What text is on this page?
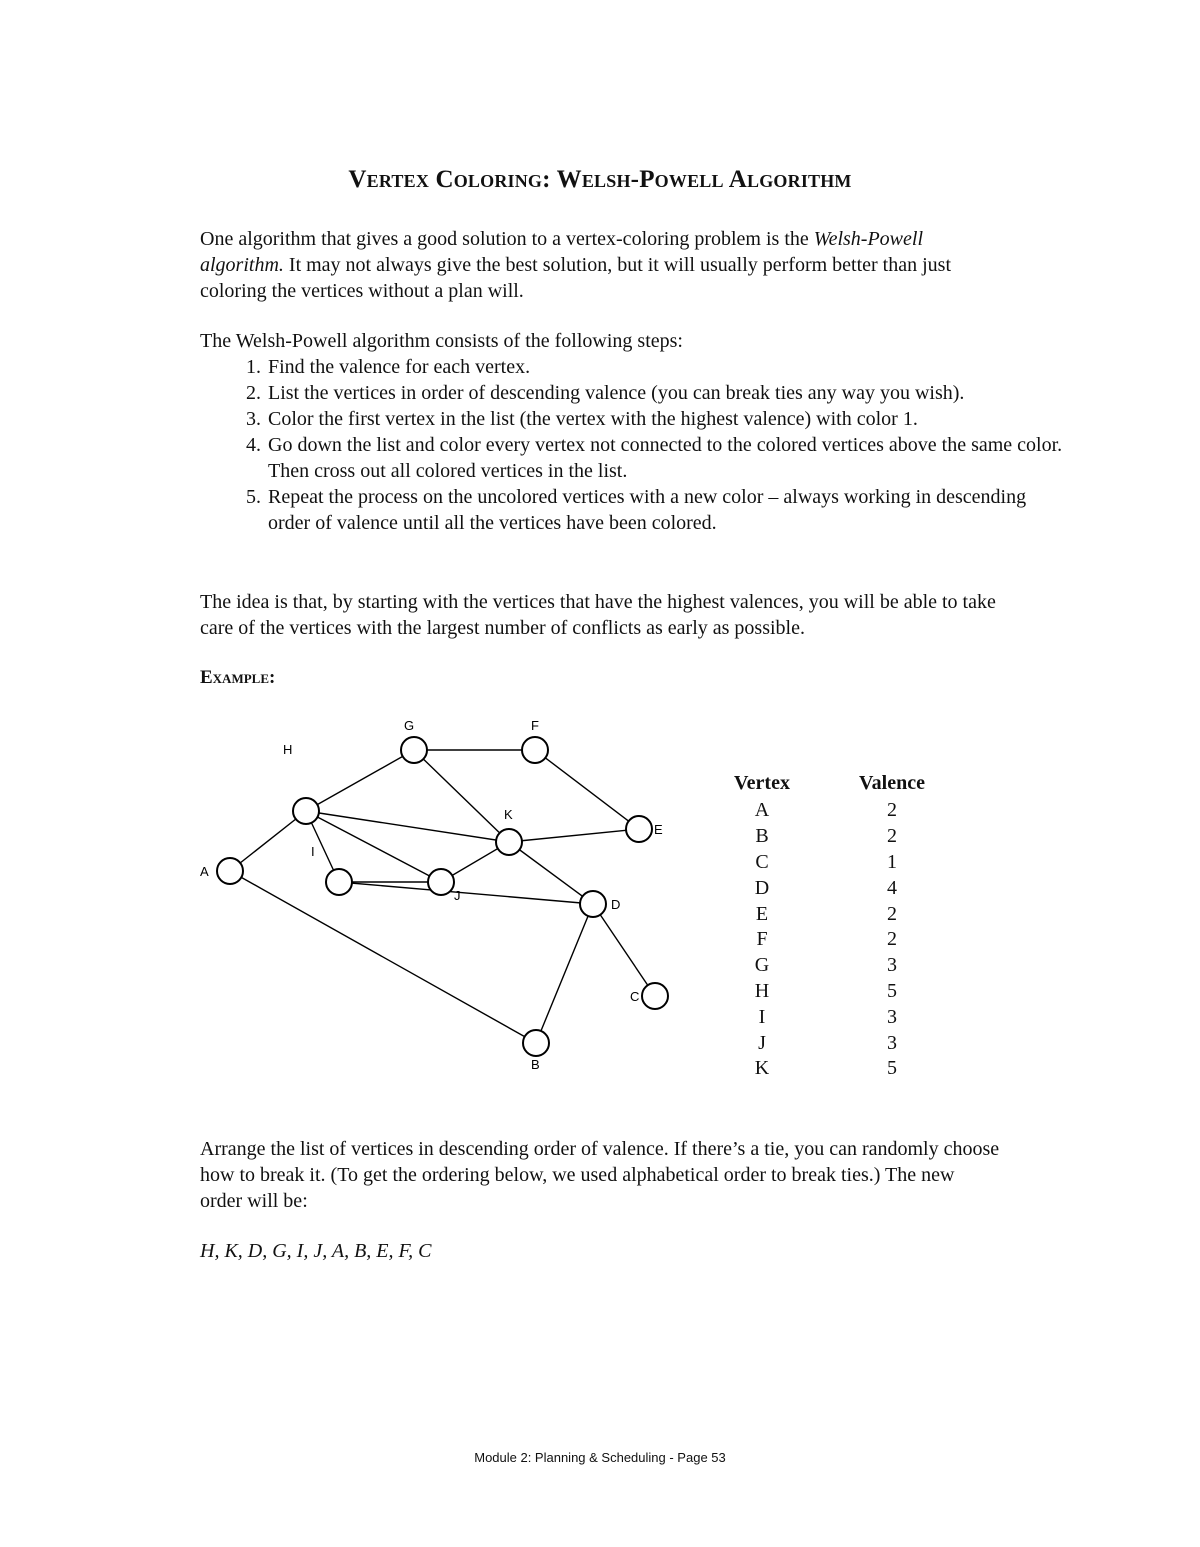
Vertex Coloring: Welsh-Powell Algorithm

One algorithm that gives a good solution to a vertex-coloring problem is the Welsh-Powell algorithm. It may not always give the best solution, but it will usually perform better than just coloring the vertices without a plan will.

The Welsh-Powell algorithm consists of the following steps:

1. Find the valence for each vertex.
2. List the vertices in order of descending valence (you can break ties any way you wish).
3. Color the first vertex in the list (the vertex with the highest valence) with color 1.
4. Go down the list and color every vertex not connected to the colored vertices above the same color. Then cross out all colored vertices in the list.
5. Repeat the process on the uncolored vertices with a new color – always working in descending order of valence until all the vertices have been colored.

The idea is that, by starting with the vertices that have the highest valences, you will be able to take care of the vertices with the largest number of conflicts as early as possible.

Example:
A
B
C
D
E
F
G
H
I
J
K
Vertex	Valence
A	2
B	2
C	1
D	4
E	2
F	2
G	3
H	5
I	3
J	3
K	5

Arrange the list of vertices in descending order of valence. If there’s a tie, you can randomly choose how to break it. (To get the ordering below, we used alphabetical order to break ties.) The new order will be:

H, K, D, G, I, J, A, B, E, F, C
Module 2: Planning & Scheduling - Page 53
